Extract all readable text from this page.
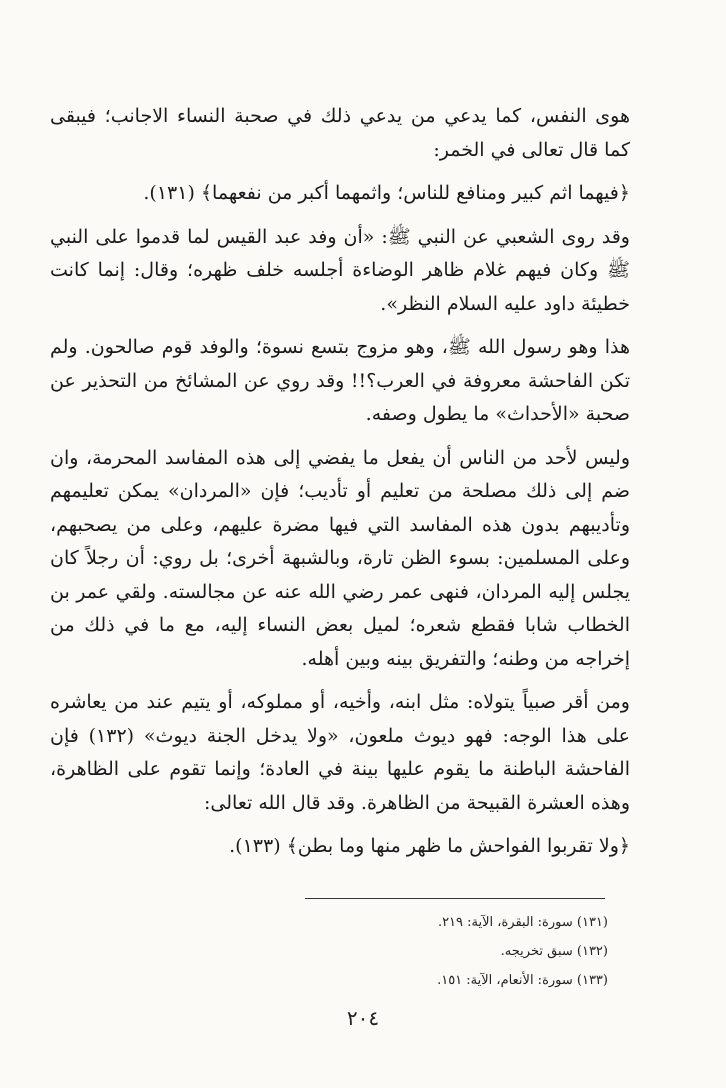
هوى النفس، كما يدعي من يدعي ذلك في صحبة النساء الاجانب؛ فيبقى كما قال تعالى في الخمر:

﴿فيهما اثم كبير ومنافع للناس؛ واثمهما أكبر من نفعهما﴾ (١٣١).

وقد روى الشعبي عن النبي ﷺ: «أن وفد عبد القيس لما قدموا على النبي ﷺ وكان فيهم غلام ظاهر الوضاءة أجلسه خلف ظهره؛ وقال: إنما كانت خطيئة داود عليه السلام النظر».

هذا وهو رسول الله ﷺ، وهو مزوج بتسع نسوة؛ والوفد قوم صالحون. ولم تكن الفاحشة معروفة في العرب؟!! وقد روي عن المشائخ من التحذير عن صحبة «الأحداث» ما يطول وصفه.

وليس لأحد من الناس أن يفعل ما يفضي إلى هذه المفاسد المحرمة، وان ضم إلى ذلك مصلحة من تعليم أو تأديب؛ فإن «المردان» يمكن تعليمهم وتأديبهم بدون هذه المفاسد التي فيها مضرة عليهم، وعلى من يصحبهم، وعلى المسلمين: بسوء الظن تارة، وبالشبهة أخرى؛ بل روي: أن رجلاً كان يجلس إليه المردان، فنهى عمر رضي الله عنه عن مجالسته. ولقي عمر بن الخطاب شابا فقطع شعره؛ لميل بعض النساء إليه، مع ما في ذلك من إخراجه من وطنه؛ والتفريق بينه وبين أهله.

ومن أقر صبياً يتولاه: مثل ابنه، وأخيه، أو مملوكه، أو يتيم عند من يعاشره على هذا الوجه: فهو ديوث ملعون، «ولا يدخل الجنة ديوث» (١٣٢) فإن الفاحشة الباطنة ما يقوم عليها بينة في العادة؛ وإنما تقوم على الظاهرة، وهذه العشرة القبيحة من الظاهرة. وقد قال الله تعالى:

﴿ولا تقربوا الفواحش ما ظهر منها وما بطن﴾ (١٣٣).

(١٣١) سورة: البقرة، الآية: ٢١٩.

(١٣٢) سبق تخريجه.

(١٣٣) سورة: الأنعام، الآية: ١٥١.

٢٠٤
